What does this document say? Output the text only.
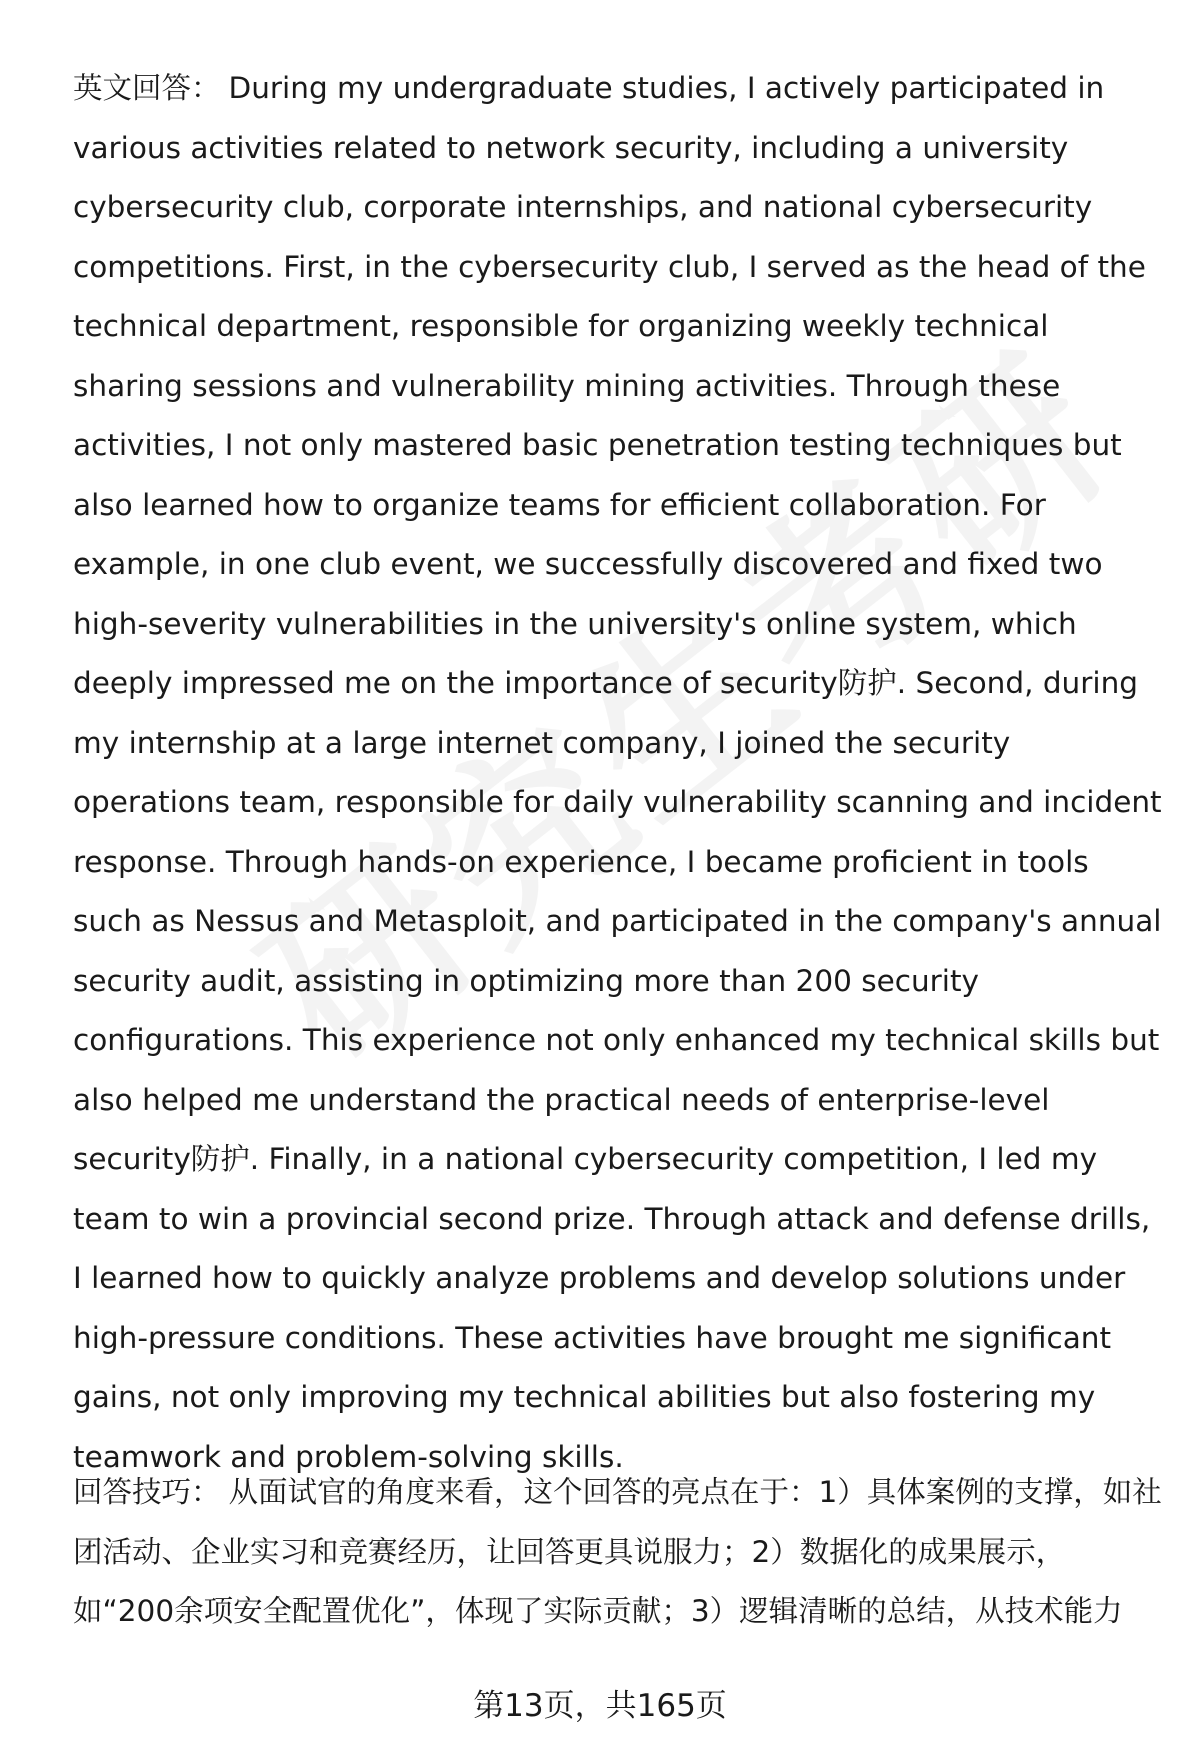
英文回答： During my undergraduate studies, I actively participated in various activities related to network security, including a university cybersecurity club, corporate internships, and national cybersecurity competitions. First, in the cybersecurity club, I served as the head of the technical department, responsible for organizing weekly technical sharing sessions and vulnerability mining activities. Through these activities, I not only mastered basic penetration testing techniques but also learned how to organize teams for efficient collaboration. For example, in one club event, we successfully discovered and fixed two high-severity vulnerabilities in the university's online system, which deeply impressed me on the importance of security防护. Second, during my internship at a large internet company, I joined the security operations team, responsible for daily vulnerability scanning and incident response. Through hands-on experience, I became proficient in tools such as Nessus and Metasploit, and participated in the company's annual security audit, assisting in optimizing more than 200 security configurations. This experience not only enhanced my technical skills but also helped me understand the practical needs of enterprise-level security防护. Finally, in a national cybersecurity competition, I led my team to win a provincial second prize. Through attack and defense drills, I learned how to quickly analyze problems and develop solutions under high-pressure conditions. These activities have brought me significant gains, not only improving my technical abilities but also fostering my teamwork and problem-solving skills.
回答技巧： 从面试官的角度来看，这个回答的亮点在于：1）具体案例的支撑，如社团活动、企业实习和竞赛经历，让回答更具说服力；2）数据化的成果展示，如“200余项安全配置优化”，体现了实际贡献；3）逻辑清晰的总结，从技术能力
第13页，共165页
